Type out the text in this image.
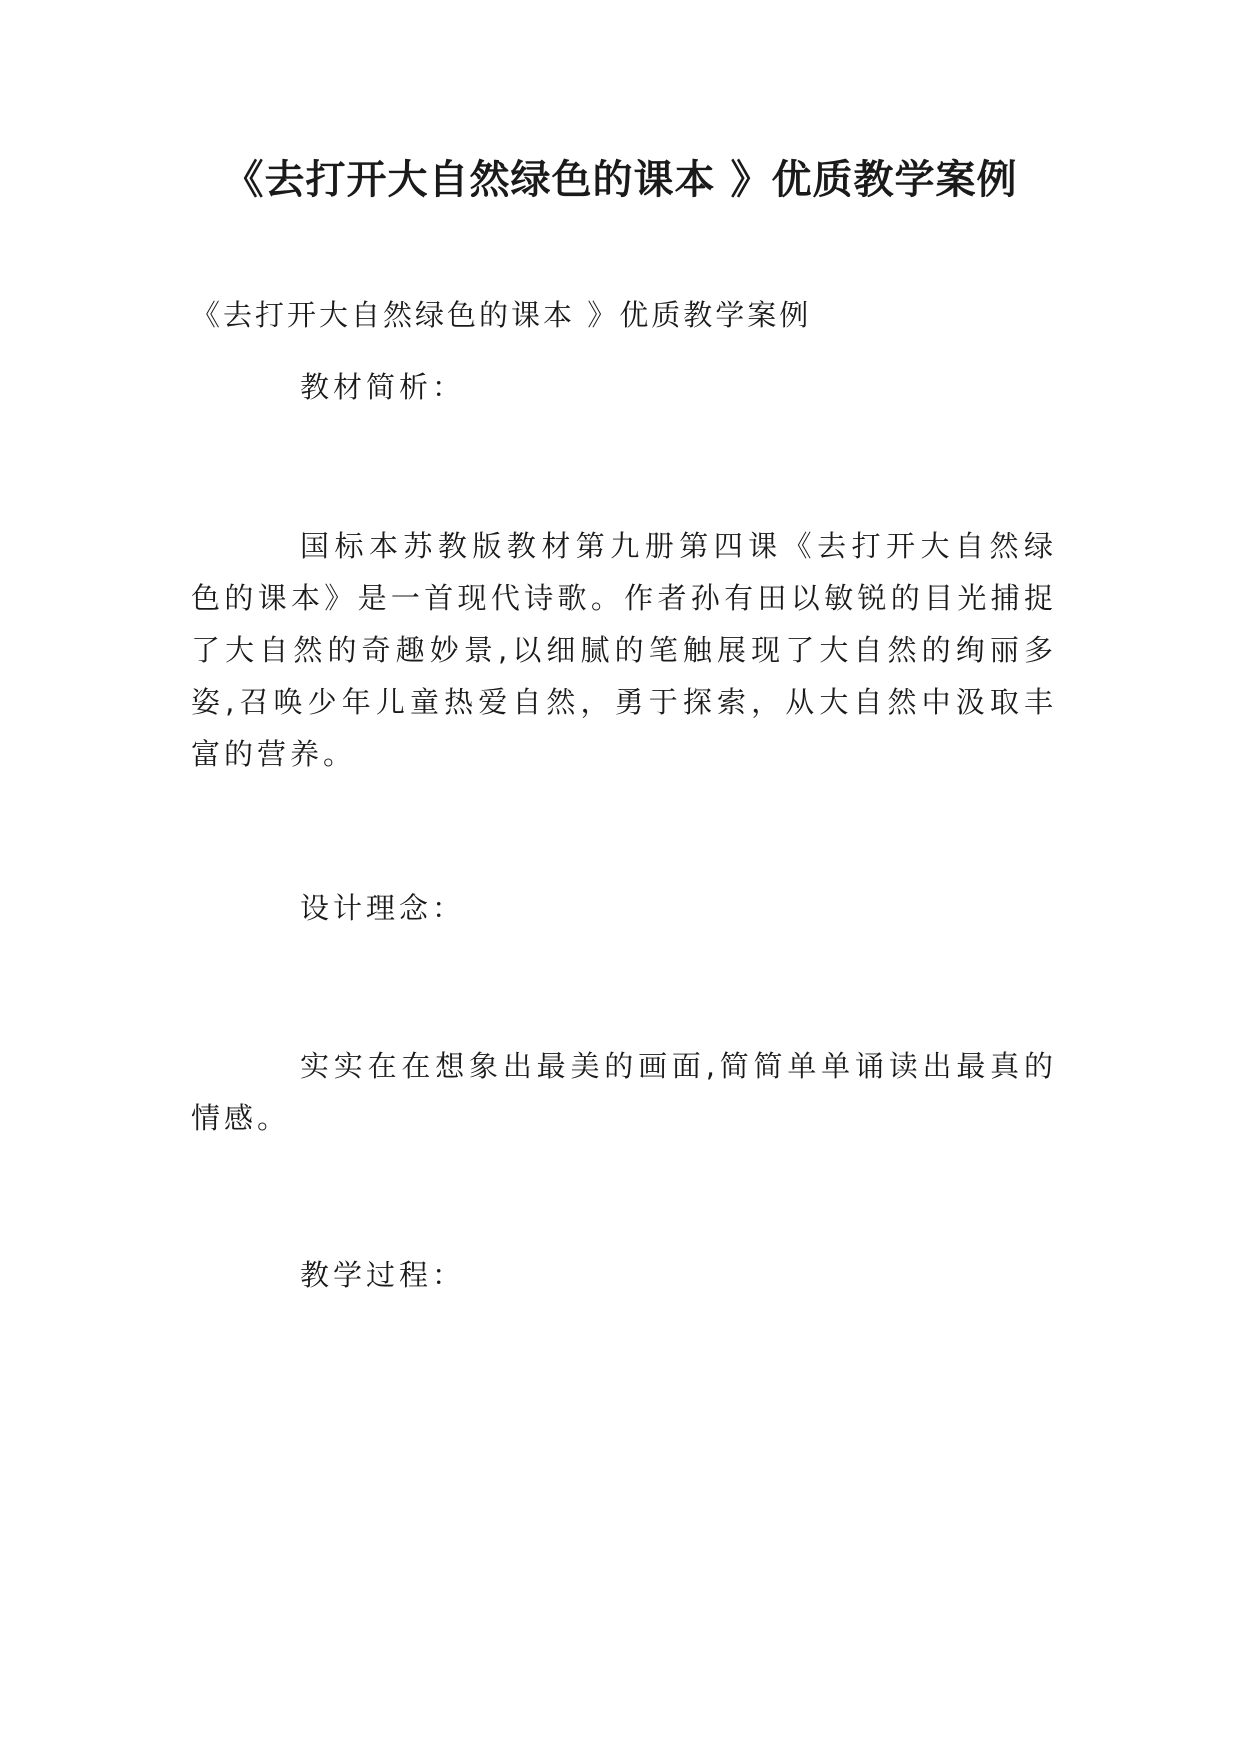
《去打开大自然绿色的课本 》优质教学案例

《去打开大自然绿色的课本 》优质教学案例

教材简析：

国标本苏教版教材第九册第四课《去打开大自然绿色的课本》是一首现代诗歌。作者孙有田以敏锐的目光捕捉了大自然的奇趣妙景,以细腻的笔触展现了大自然的绚丽多姿,召唤少年儿童热爱自然，勇于探索，从大自然中汲取丰富的营养。

设计理念：

实实在在想象出最美的画面,简简单单诵读出最真的情感。

教学过程：
